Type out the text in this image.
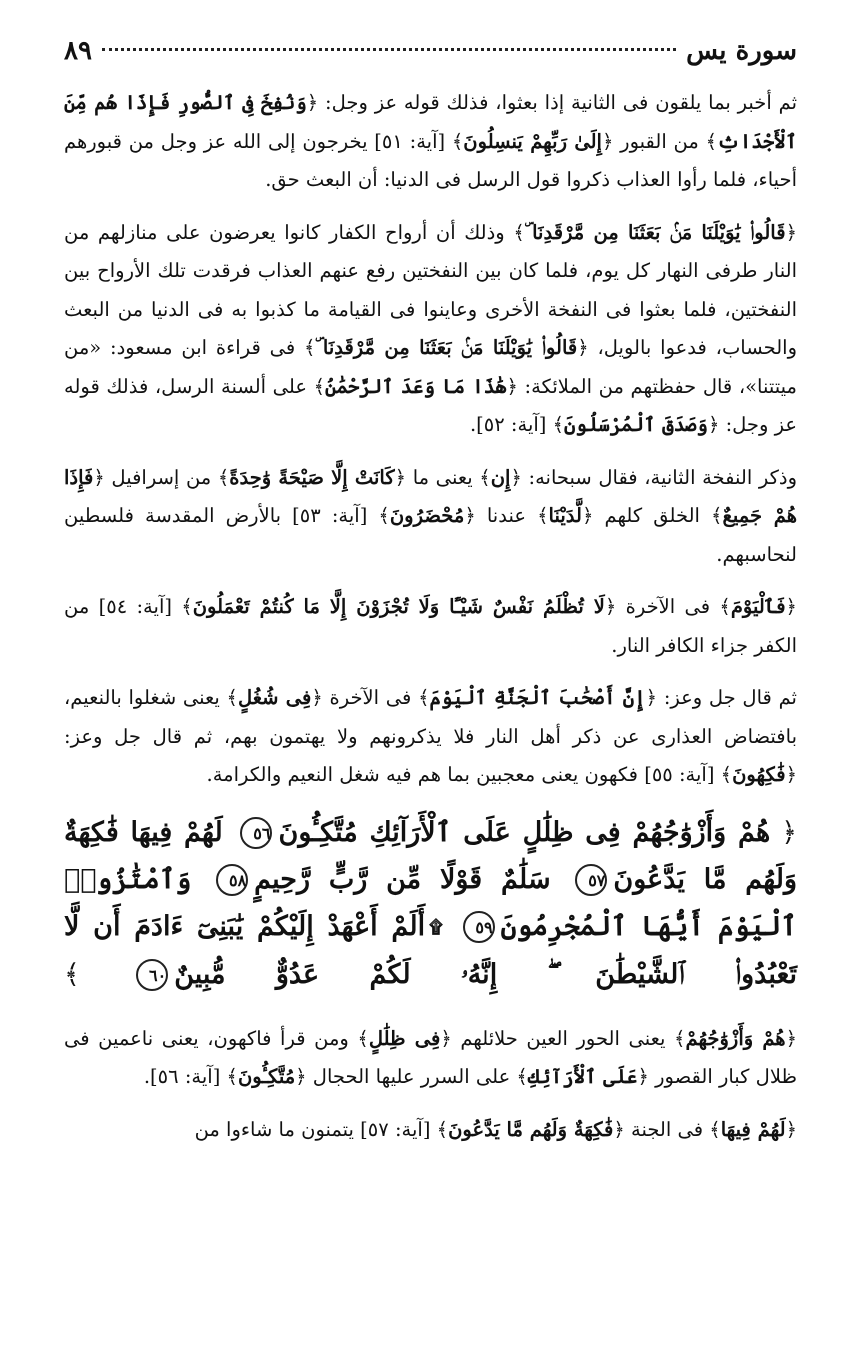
سورة يس
٨٩

ثم أخبر بما يلقون فى الثانية إذا بعثوا، فذلك قوله عز وجل: ﴿وَنُفِخَ فِى ٱلصُّورِ فَإِذَا هُم مِّنَ ٱلْأَجْدَاثِ﴾ من القبور ﴿إِلَىٰ رَبِّهِمْ يَنسِلُونَ﴾ [آية: ٥١] يخرجون إلى الله عز وجل من قبورهم أحياء، فلما رأوا العذاب ذكروا قول الرسل فى الدنيا: أن البعث حق.

﴿قَالُوا۟ يَٰوَيْلَنَا مَنۢ بَعَثَنَا مِن مَّرْقَدِنَا ۜ﴾ وذلك أن أرواح الكفار كانوا يعرضون على منازلهم من النار طرفى النهار كل يوم، فلما كان بين النفختين رفع عنهم العذاب فرقدت تلك الأرواح بين النفختين، فلما بعثوا فى النفخة الأخرى وعاينوا فى القيامة ما كذبوا به فى الدنيا من البعث والحساب، فدعوا بالويل، ﴿قَالُوا۟ يَٰوَيْلَنَا مَنۢ بَعَثَنَا مِن مَّرْقَدِنَا ۜ﴾ فى قراءة ابن مسعود: «من ميتتنا»، قال حفظتهم من الملائكة: ﴿هَٰذَا مَا وَعَدَ ٱلرَّحْمَٰنُ﴾ على ألسنة الرسل، فذلك قوله عز وجل: ﴿وَصَدَقَ ٱلْمُرْسَلُونَ﴾ [آية: ٥٢].

وذكر النفخة الثانية، فقال سبحانه: ﴿إِن﴾ يعنى ما ﴿كَانَتْ إِلَّا صَيْحَةً وَٰحِدَةً﴾ من إسرافيل ﴿فَإِذَا هُمْ جَمِيعٌ﴾ الخلق كلهم ﴿لَّدَيْنَا﴾ عندنا ﴿مُحْضَرُونَ﴾ [آية: ٥٣] بالأرض المقدسة فلسطين لنحاسبهم.

﴿فَٱلْيَوْمَ﴾ فى الآخرة ﴿لَا تُظْلَمُ نَفْسٌ شَيْـًٔا وَلَا تُجْزَوْنَ إِلَّا مَا كُنتُمْ تَعْمَلُونَ﴾ [آية: ٥٤] من الكفر جزاء الكافر النار.

ثم قال جل وعز: ﴿إِنَّ أَصْحَٰبَ ٱلْجَنَّةِ ٱلْيَوْمَ﴾ فى الآخرة ﴿فِى شُغُلٍ﴾ يعنى شغلوا بالنعيم، بافتضاض العذارى عن ذكر أهل النار فلا يذكرونهم ولا يهتمون بهم، ثم قال جل وعز: ﴿فَٰكِهُونَ﴾ [آية: ٥٥] فكهون يعنى معجبين بما هم فيه شغل النعيم والكرامة.

﴿ هُمْ وَأَزْوَٰجُهُمْ فِى ظِلَٰلٍ عَلَى ٱلْأَرَآئِكِ مُتَّكِـُٔونَ٥٦ لَهُمْ فِيهَا فَٰكِهَةٌ وَلَهُم مَّا يَدَّعُونَ٥٧ سَلَٰمٌ قَوْلًا مِّن رَّبٍّ رَّحِيمٍ٥٨ وَٱمْتَٰزُوا۟ ٱلْيَوْمَ أَيُّهَا ٱلْمُجْرِمُونَ٥٩ ۩أَلَمْ أَعْهَدْ إِلَيْكُمْ يَٰبَنِىٓ ءَادَمَ أَن لَّا تَعْبُدُوا۟ ٱلشَّيْطَٰنَ ۖ إِنَّهُۥ لَكُمْ عَدُوٌّ مُّبِينٌ٦٠ ﴾

﴿هُمْ وَأَزْوَٰجُهُمْ﴾ يعنى الحور العين حلائلهم ﴿فِى ظِلَٰلٍ﴾ ومن قرأ فاكهون، يعنى ناعمين فى ظلال كبار القصور ﴿عَلَى ٱلْأَرَآئِكِ﴾ على السرر عليها الحجال ﴿مُتَّكِـُٔونَ﴾ [آية: ٥٦].

﴿لَهُمْ فِيهَا﴾ فى الجنة ﴿فَٰكِهَةٌ وَلَهُم مَّا يَدَّعُونَ﴾ [آية: ٥٧] يتمنون ما شاءوا من
